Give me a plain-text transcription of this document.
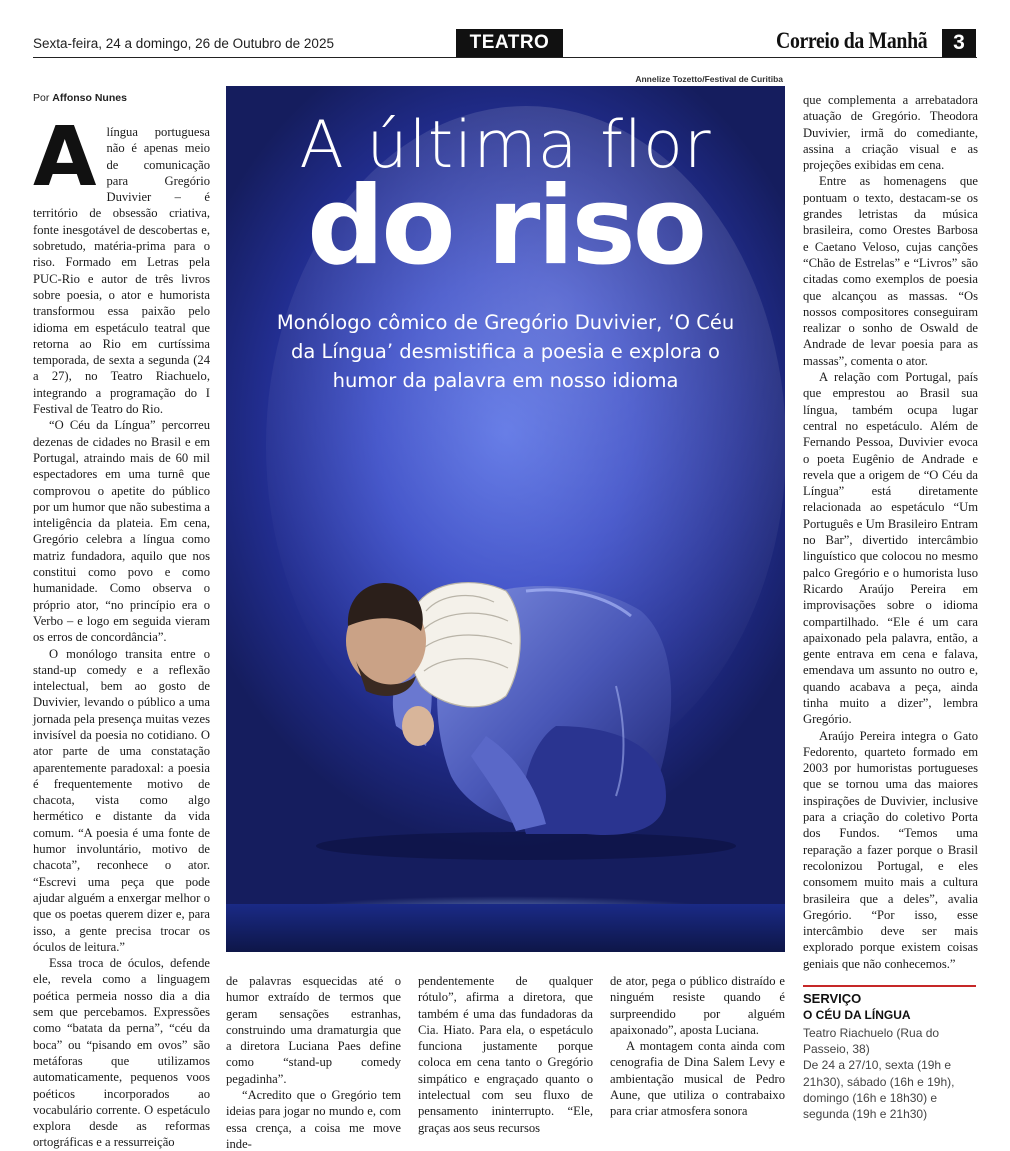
Sexta-feira, 24 a domingo, 26 de Outubro de 2025	TEATRO	Correio da Manhã	3
Annelize Tozetto/Festival de Curitiba
A última flor
do riso
Monólogo cômico de Gregório Duvivier, ‘O Céu da Língua’ desmistifica a poesia e explora o humor da palavra em nosso idioma
Por Affonso Nunes
A língua portuguesa não é apenas meio de comunicação para Gregório Duvivier – é território de obsessão criativa, fonte inesgotável de descobertas e, sobretudo, matéria-prima para o riso. Formado em Letras pela PUC-Rio e autor de três livros sobre poesia, o ator e humorista transformou essa paixão pelo idioma em espetáculo teatral que retorna ao Rio em curtíssima temporada, de sexta a segunda (24 a 27), no Teatro Riachuelo, integrando a programação do I Festival de Teatro do Rio.

“O Céu da Língua” percorreu dezenas de cidades no Brasil e em Portugal, atraindo mais de 60 mil espectadores em uma turnê que comprovou o apetite do público por um humor que não subestima a inteligência da plateia. Em cena, Gregório celebra a língua como matriz fundadora, aquilo que nos constitui como povo e como humanidade. Como observa o próprio ator, “no princípio era o Verbo – e logo em seguida vieram os erros de concordância”.

O monólogo transita entre o stand-up comedy e a reflexão intelectual, bem ao gosto de Duvivier, levando o público a uma jornada pela presença muitas vezes invisível da poesia no cotidiano. O ator parte de uma constatação aparentemente paradoxal: a poesia é frequentemente motivo de chacota, vista como algo hermético e distante da vida comum. “A poesia é uma fonte de humor involuntário, motivo de chacota”, reconhece o ator. “Escrevi uma peça que pode ajudar alguém a enxergar melhor o que os poetas querem dizer e, para isso, a gente precisa trocar os óculos de leitura.”

Essa troca de óculos, defende ele, revela como a linguagem poética permeia nosso dia a dia sem que percebamos. Expressões como “batata da perna”, “céu da boca” ou “pisando em ovos” são metáforas que utilizamos automaticamente, pequenos voos poéticos incorporados ao vocabulário corrente. O espetáculo explora desde as reformas ortográficas e a ressurreição

de palavras esquecidas até o humor extraído de termos que geram sensações estranhas, construindo uma dramaturgia que a diretora Luciana Paes define como “stand-up comedy pegadinha”.

“Acredito que o Gregório tem ideias para jogar no mundo e, com essa crença, a coisa me move inde-

pendentemente de qualquer rótulo”, afirma a diretora, que também é uma das fundadoras da Cia. Hiato. Para ela, o espetáculo funciona justamente porque coloca em cena tanto o Gregório simpático e engraçado quanto o intelectual com seu fluxo de pensamento ininterrupto. “Ele, graças aos seus recursos

de ator, pega o público distraído e ninguém resiste quando é surpreendido por alguém apaixonado”, aposta Luciana.

A montagem conta ainda com cenografia de Dina Salem Levy e ambientação musical de Pedro Aune, que utiliza o contrabaixo para criar atmosfera sonora

que complementa a arrebatadora atuação de Gregório. Theodora Duvivier, irmã do comediante, assina a criação visual e as projeções exibidas em cena.

Entre as homenagens que pontuam o texto, destacam-se os grandes letristas da música brasileira, como Orestes Barbosa e Caetano Veloso, cujas canções “Chão de Estrelas” e “Livros” são citadas como exemplos de poesia que alcançou as massas. “Os nossos compositores conseguiram realizar o sonho de Oswald de Andrade de levar poesia para as massas”, comenta o ator.

A relação com Portugal, país que emprestou ao Brasil sua língua, também ocupa lugar central no espetáculo. Além de Fernando Pessoa, Duvivier evoca o poeta Eugênio de Andrade e revela que a origem de “O Céu da Língua” está diretamente relacionada ao espetáculo “Um Português e Um Brasileiro Entram no Bar”, divertido intercâmbio linguístico que colocou no mesmo palco Gregório e o humorista luso Ricardo Araújo Pereira em improvisações sobre o idioma compartilhado. “Ele é um cara apaixonado pela palavra, então, a gente entrava em cena e falava, emendava um assunto no outro e, quando acabava a peça, ainda tinha muito a dizer”, lembra Gregório.

Araújo Pereira integra o Gato Fedorento, quarteto formado em 2003 por humoristas portugueses que se tornou uma das maiores inspirações de Duvivier, inclusive para a criação do coletivo Porta dos Fundos. “Temos uma reparação a fazer porque o Brasil recolonizou Portugal, e eles consomem muito mais a cultura brasileira que a deles”, avalia Gregório. “Por isso, esse intercâmbio deve ser mais explorado porque existem coisas geniais que não conhecemos.”

SERVIÇO
O CÉU DA LÍNGUA
Teatro Riachuelo (Rua do Passeio, 38)
De 24 a 27/10, sexta (19h e 21h30), sábado (16h e 19h), domingo (16h e 18h30) e segunda (19h e 21h30)
